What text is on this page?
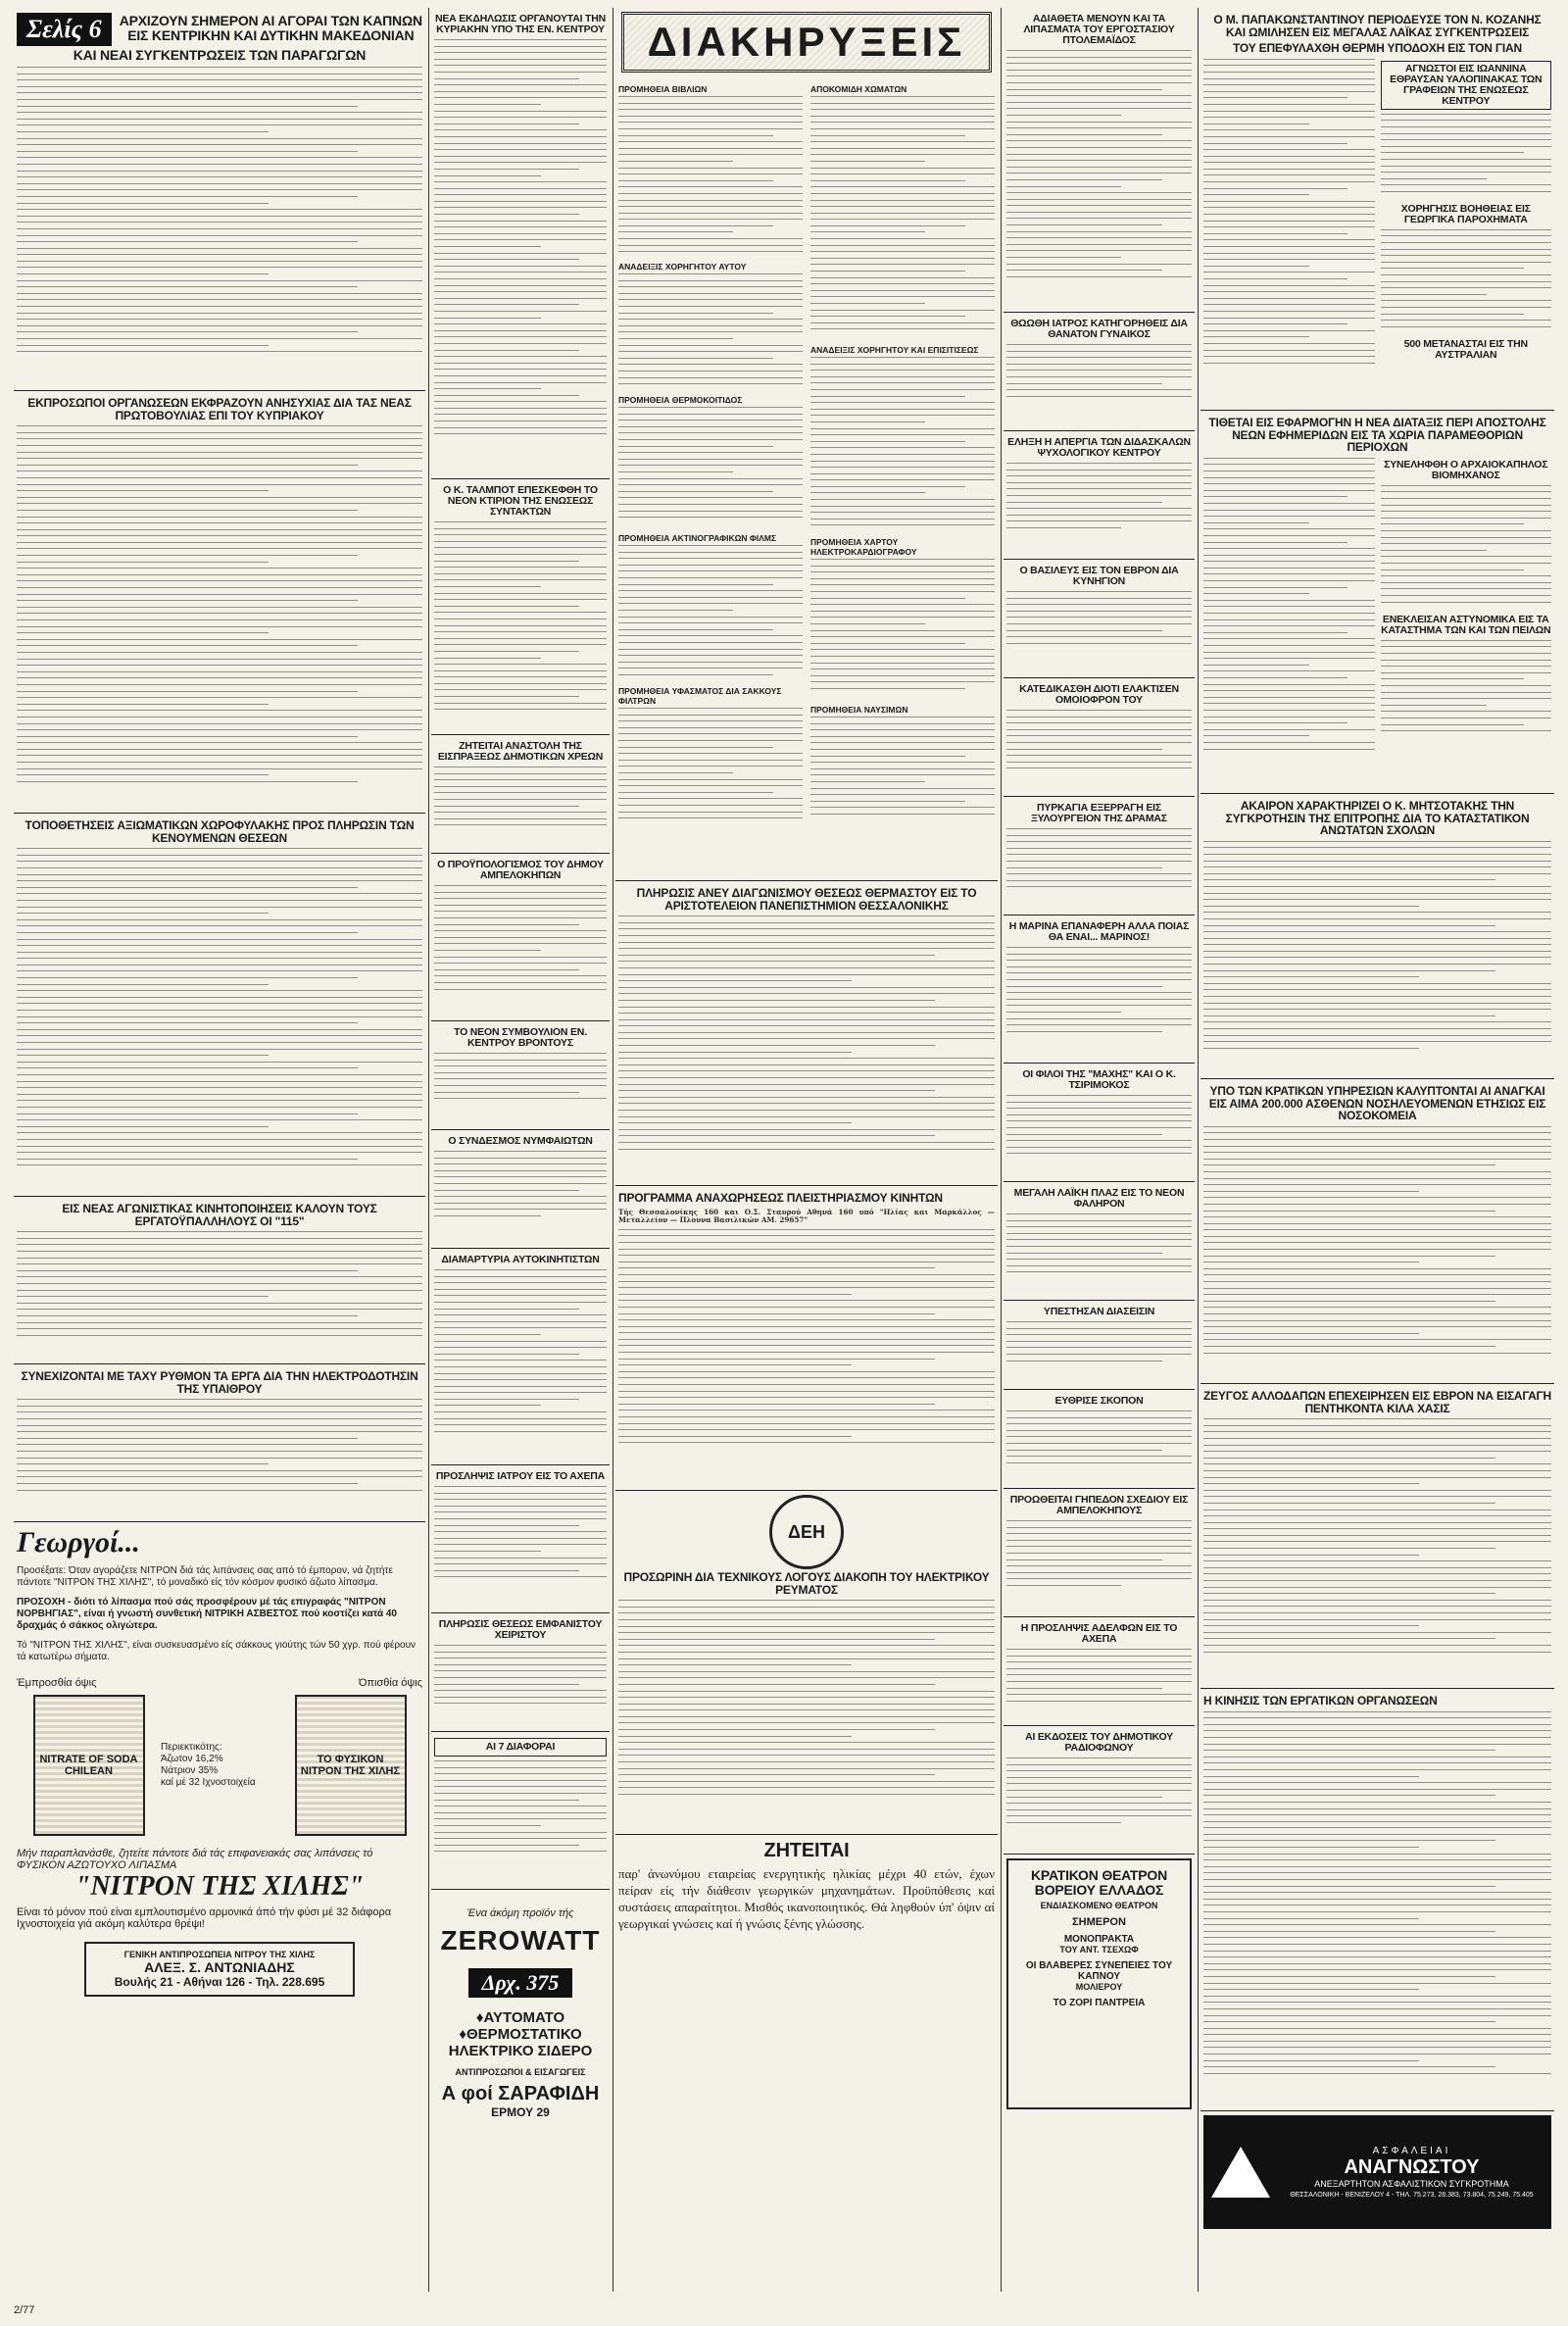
Σελίς 6	ΑΡΧΙΖΟΥΝ ΣΗΜΕΡΟΝ ΑΙ ΑΓΟΡΑΙ ΤΩΝ ΚΑΠΝΩΝ ΕΙΣ ΚΕΝΤΡΙΚΗΝ ΚΑΙ ΔΥΤΙΚΗΝ ΜΑΚΕΔΟΝΙΑΝ
ΚΑΙ ΝΕΑΙ ΣΥΓΚΕΝΤΡΩΣΕΙΣ ΤΩΝ ΠΑΡΑΓΩΓΩΝ
ΕΚΠΡΟΣΩΠΟΙ ΟΡΓΑΝΩΣΕΩΝ ΕΚΦΡΑΖΟΥΝ ΑΝΗΣΥΧΙΑΣ ΔΙΑ ΤΑΣ ΝΕΑΣ ΠΡΩΤΟΒΟΥΛΙΑΣ ΕΠΙ ΤΟΥ ΚΥΠΡΙΑΚΟΥ
ΤΟΠΟΘΕΤΗΣΕΙΣ ΑΞΙΩΜΑΤΙΚΩΝ ΧΩΡΟΦΥΛΑΚΗΣ ΠΡΟΣ ΠΛΗΡΩΣΙΝ ΤΩΝ ΚΕΝΟΥΜΕΝΩΝ ΘΕΣΕΩΝ
ΕΙΣ ΝΕΑΣ ΑΓΩΝΙΣΤΙΚΑΣ ΚΙΝΗΤΟΠΟΙΗΣΕΙΣ ΚΑΛΟΥΝ ΤΟΥΣ ΕΡΓΑΤΟΫΠΑΛΛΗΛΟΥΣ ΟΙ "115"
ΣΥΝΕΧΙΖΟΝΤΑΙ ΜΕ ΤΑΧΥ ΡΥΘΜΟΝ ΤΑ ΕΡΓΑ ΔΙΑ ΤΗΝ ΗΛΕΚΤΡΟΔΟΤΗΣΙΝ ΤΗΣ ΥΠΑΙΘΡΟΥ
Γεωργοί...
Προσέξατε: Όταν αγοράζετε ΝΙΤΡΟΝ διά τάς λιπάνσεις σας από τό έμπορον, νά ζητήτε πάντοτε "ΝΙΤΡΟΝ ΤΗΣ ΧΙΛΗΣ", τό μοναδικό είς τόν κόσμον φυσικό άζωτο λίπασμα.
ΠΡΟΣΟΧΗ - διότι τό λίπασμα πού σάς προσφέρουν μέ τάς επιγραφάς "ΝΙΤΡΟΝ ΝΟΡΒΗΓΙΑΣ", είναι ή γνωστή συνθετική ΝΙΤΡΙΚΗ ΑΣΒΕΣΤΟΣ πού κοστίζει κατά 40 δραχμάς ό σάκκος ολιγώτερα.
Τό "ΝΙΤΡΟΝ ΤΗΣ ΧΙΛΗΣ", είναι συσκευασμένο είς σάκκους γιούτης τών 50 χγρ. πού φέρουν τά κατωτέρω σήματα.
Έμπροσθία όψις	Όπισθία όψις
NITRATE OF SODA CHILEAN
Περιεκτικότης:
Άζωτον 16,2%
Νάτριον 35%
καί μέ 32 Ιχνοστοιχεία
ΤΟ ΦΥΣΙΚΟΝ ΝΙΤΡΟΝ ΤΗΣ ΧΙΛΗΣ
Μήν παραπλανάσθε, ζητείτε πάντοτε διά τάς επιφανειακάς σας λιπάνσεις τό ΦΥΣΙΚΟΝ ΑΖΩΤΟΥΧΟ ΛΙΠΑΣΜΑ
"ΝΙΤΡΟΝ ΤΗΣ ΧΙΛΗΣ"
Είναι τό μόνον πού είναι εμπλουτισμένο αρμονικά άπό τήν φύσι μέ 32 διάφορα Ιχνοστοιχεία γιά ακόμη καλύτερα θρέψι!
ΓΕΝΙΚΗ ΑΝΤΙΠΡΟΣΩΠΕΙΑ ΝΙΤΡΟΥ ΤΗΣ ΧΙΛΗΣ
ΑΛΕΞ. Σ. ΑΝΤΩΝΙΑΔΗΣ
Βουλής 21 - Αθήναι 126 - Τηλ. 228.695
ΝΕΑ ΕΚΔΗΛΩΣΙΣ ΟΡΓΑΝΟΥΤΑΙ ΤΗΝ ΚΥΡΙΑΚΗΝ ΥΠΟ ΤΗΣ ΕΝ. ΚΕΝΤΡΟΥ
Ο Κ. ΤΑΛΜΠΟΤ ΕΠΕΣΚΕΦΘΗ ΤΟ ΝΕΟΝ ΚΤΙΡΙΟΝ ΤΗΣ ΕΝΩΣΕΩΣ ΣΥΝΤΑΚΤΩΝ
ΖΗΤΕΙΤΑΙ ΑΝΑΣΤΟΛΗ ΤΗΣ ΕΙΣΠΡΑΞΕΩΣ ΔΗΜΟΤΙΚΩΝ ΧΡΕΩΝ
Ο ΠΡΟΫΠΟΛΟΓΙΣΜΟΣ ΤΟΥ ΔΗΜΟΥ ΑΜΠΕΛΟΚΗΠΩΝ
ΤΟ ΝΕΟΝ ΣΥΜΒΟΥΛΙΟΝ ΕΝ. ΚΕΝΤΡΟΥ ΒΡΟΝΤΟΥΣ
Ο ΣΥΝΔΕΣΜΟΣ ΝΥΜΦΑΙΩΤΩΝ
ΔΙΑΜΑΡΤΥΡΙΑ ΑΥΤΟΚΙΝΗΤΙΣΤΩΝ
ΠΡΟΣΛΗΨΙΣ ΙΑΤΡΟΥ ΕΙΣ ΤΟ ΑΧΕΠΑ
ΠΛΗΡΩΣΙΣ ΘΕΣΕΩΣ ΕΜΦΑΝΙΣΤΟΥ ΧΕΙΡΙΣΤΟΥ
ΑΙ 7 ΔΙΑΦΟΡΑΙ
Ένα άκόμη προϊόν τής
ZEROWATT
Δρχ. 375
♦ΑΥΤΟΜΑΤΟ
♦ΘΕΡΜΟΣΤΑΤΙΚΟ
ΗΛΕΚΤΡΙΚΟ ΣΙΔΕΡΟ
ΑΝΤΙΠΡΟΣΩΠΟΙ & ΕΙΣΑΓΩΓΕΙΣ
Α φοί ΣΑΡΑΦΙΔΗ
ΕΡΜΟΥ 29
ΔΙΑΚΗΡΥΞΕΙΣ
ΠΡΟΜΗΘΕΙΑ ΒΙΒΛΙΩΝ
ΑΝΑΔΕΙΞΙΣ ΧΟΡΗΓΗΤΟΥ ΑΥΤΟΥ
ΠΡΟΜΗΘΕΙΑ ΘΕΡΜΟΚΟΙΤΙΔΟΣ
ΠΡΟΜΗΘΕΙΑ ΑΚΤΙΝΟΓΡΑΦΙΚΩΝ ΦΙΛΜΣ
ΠΡΟΜΗΘΕΙΑ ΥΦΑΣΜΑΤΟΣ ΔΙΑ ΣΑΚΚΟΥΣ ΦΙΛΤΡΩΝ
ΑΠΟΚΟΜΙΔΗ ΧΩΜΑΤΩΝ
ΑΝΑΔΕΙΞΙΣ ΧΟΡΗΓΗΤΟΥ ΚΑΙ ΕΠΙΣΙΤΙΣΕΩΣ
ΠΡΟΜΗΘΕΙΑ ΧΑΡΤΟΥ ΗΛΕΚΤΡΟΚΑΡΔΙΟΓΡΑΦΟΥ
ΠΡΟΜΗΘΕΙΑ ΝΑΥΣΙΜΩΝ
ΠΛΗΡΩΣΙΣ ΑΝΕΥ ΔΙΑΓΩΝΙΣΜΟΥ ΘΕΣΕΩΣ ΘΕΡΜΑΣΤΟΥ ΕΙΣ ΤΟ ΑΡΙΣΤΟΤΕΛΕΙΟΝ ΠΑΝΕΠΙΣΤΗΜΙΟΝ ΘΕΣΣΑΛΟΝΙΚΗΣ
ΠΡΟΓΡΑΜΜΑ ΑΝΑΧΩΡΗΣΕΩΣ ΠΛΕΙΣΤΗΡΙΑΣΜΟΥ ΚΙΝΗΤΩΝ
Τής Θεσσαλονίκης 160 και Ο.Σ. Σταυρού Αθηνά 160 υπό "Ηλίας και Μαρκάλλος — Μεταλλείον — Πλουνα Βασιλικών ΑΜ. 29657"
ΔΕΗ
ΠΡΟΣΩΡΙΝΗ ΔΙΑ ΤΕΧΝΙΚΟΥΣ ΛΟΓΟΥΣ ΔΙΑΚΟΠΗ ΤΟΥ ΗΛΕΚΤΡΙΚΟΥ ΡΕΥΜΑΤΟΣ
ΖΗΤΕΙΤΑΙ
παρ' άνωνύμου εταιρείας ενεργητικής ηλικίας μέχρι 40 ετών, έχων πείραν είς τήν διάθεσιν γεωργικών μηχανημάτων. Προϋπόθεσις καί συστάσεις απαραίτητοι. Μισθός ικανοποιητικός. Θά ληφθούν ύπ' όψιν αί γεωργικαί γνώσεις καί ή γνώσις ξένης γλώσσης.
ΑΔΙΑΘΕΤΑ ΜΕΝΟΥΝ ΚΑΙ ΤΑ ΛΙΠΑΣΜΑΤΑ ΤΟΥ ΕΡΓΟΣΤΑΣΙΟΥ ΠΤΟΛΕΜΑΪΔΟΣ
ΘΩΩΘΗ ΙΑΤΡΟΣ ΚΑΤΗΓΟΡΗΘΕΙΣ ΔΙΑ ΘΑΝΑΤΟΝ ΓΥΝΑΙΚΟΣ
ΕΛΗΞΗ Η ΑΠΕΡΓΙΑ ΤΩΝ ΔΙΔΑΣΚΑΛΩΝ ΨΥΧΟΛΟΓΙΚΟΥ ΚΕΝΤΡΟΥ
Ο ΒΑΣΙΛΕΥΣ ΕΙΣ ΤΟΝ ΕΒΡΟΝ ΔΙΑ ΚΥΝΗΓΙΟΝ
ΚΑΤΕΔΙΚΑΣΘΗ ΔΙΟΤΙ ΕΛΑΚΤΙΣΕΝ ΟΜΟΙΟΦΡΟΝ ΤΟΥ
ΠΥΡΚΑΓΙΑ ΕΞΕΡΡΑΓΗ ΕΙΣ ΞΥΛΟΥΡΓΕΙΟΝ ΤΗΣ ΔΡΑΜΑΣ
Η ΜΑΡΙΝΑ ΕΠΑΝΑΦΕΡΗ ΑΛΛΑ ΠΟΙΑΣ ΘΑ ΕΝΑΙ... ΜΑΡΙΝΟΣ!
ΟΙ ΦΙΛΟΙ ΤΗΣ "ΜΑΧΗΣ" ΚΑΙ Ο Κ. ΤΣΙΡΙΜΟΚΟΣ
ΜΕΓΑΛΗ ΛΑΪΚΗ ΠΛΑΖ ΕΙΣ ΤΟ ΝΕΟΝ ΦΑΛΗΡΟΝ
ΥΠΕΣΤΗΣΑΝ ΔΙΑΣΕΙΣΙΝ
ΕΥΘΡΙΣΕ ΣΚΟΠΟΝ
ΠΡΟΩΘΕΙΤΑΙ ΓΗΠΕΔΟΝ ΣΧΕΔΙΟΥ ΕΙΣ ΑΜΠΕΛΟΚΗΠΟΥΣ
Η ΠΡΟΣΛΗΨΙΣ ΑΔΕΛΦΩΝ ΕΙΣ ΤΟ ΑΧΕΠΑ
ΑΙ ΕΚΔΟΣΕΙΣ ΤΟΥ ΔΗΜΟΤΙΚΟΥ ΡΑΔΙΟΦΩΝΟΥ
ΚΡΑΤΙΚΟΝ ΘΕΑΤΡΟΝ ΒΟΡΕΙΟΥ ΕΛΛΑΔΟΣ
ΕΝΔΙΑΣΚΟΜΕΝΟ ΘΕΑΤΡΟΝ
ΣΗΜΕΡΟΝ
ΜΟΝΟΠΡΑΚΤΑ
ΤΟΥ ΑΝΤ. ΤΣΕΧΩΦ
ΟΙ ΒΛΑΒΕΡΕΣ ΣΥΝΕΠΕΙΕΣ ΤΟΥ ΚΑΠΝΟΥ
ΜΟΛΙΕΡΟΥ
ΤΟ ΖΟΡΙ ΠΑΝΤΡΕΙΑ
Ο Μ. ΠΑΠΑΚΩΝΣΤΑΝΤΙΝΟΥ ΠΕΡΙΟΔΕΥΣΕ ΤΟΝ Ν. ΚΟΖΑΝΗΣ ΚΑΙ ΩΜΙΛΗΣΕΝ ΕΙΣ ΜΕΓΑΛΑΣ ΛΑΪΚΑΣ ΣΥΓΚΕΝΤΡΩΣΕΙΣ
ΤΟΥ ΕΠΕΦΥΛΑΧΘΗ ΘΕΡΜΗ ΥΠΟΔΟΧΗ ΕΙΣ ΤΟΝ ΓΙΑΝ
ΑΓΝΩΣΤΟΙ ΕΙΣ ΙΩΑΝΝΙΝΑ ΕΘΡΑΥΣΑΝ ΥΑΛΟΠΙΝΑΚΑΣ ΤΩΝ ΓΡΑΦΕΙΩΝ ΤΗΣ ΕΝΩΣΕΩΣ ΚΕΝΤΡΟΥ
ΧΟΡΗΓΗΣΙΣ ΒΟΗΘΕΙΑΣ ΕΙΣ ΓΕΩΡΓΙΚΑ ΠΑΡΟΧΗΜΑΤΑ
500 ΜΕΤΑΝΑΣΤΑΙ ΕΙΣ ΤΗΝ ΑΥΣΤΡΑΛΙΑΝ
ΤΙΘΕΤΑΙ ΕΙΣ ΕΦΑΡΜΟΓΗΝ Η ΝΕΑ ΔΙΑΤΑΞΙΣ ΠΕΡΙ ΑΠΟΣΤΟΛΗΣ ΝΕΩΝ ΕΦΗΜΕΡΙΔΩΝ ΕΙΣ ΤΑ ΧΩΡΙΑ ΠΑΡΑΜΕΘΟΡΙΩΝ ΠΕΡΙΟΧΩΝ
ΣΥΝΕΛΗΦΘΗ Ο ΑΡΧΑΙΟΚΑΠΗΛΟΣ ΒΙΟΜΗΧΑΝΟΣ
ΕΝΕΚΛΕΙΣΑΝ ΑΣΤΥΝΟΜΙΚΑ ΕΙΣ ΤΑ ΚΑΤΑΣΤΗΜΑ ΤΩΝ ΚΑΙ ΤΩΝ ΠΕΙΛΩΝ
ΑΚΑΙΡΟΝ ΧΑΡΑΚΤΗΡΙΖΕΙ Ο Κ. ΜΗΤΣΟΤΑΚΗΣ ΤΗΝ ΣΥΓΚΡΟΤΗΣΙΝ ΤΗΣ ΕΠΙΤΡΟΠΗΣ ΔΙΑ ΤΟ ΚΑΤΑΣΤΑΤΙΚΟΝ ΑΝΩΤΑΤΩΝ ΣΧΟΛΩΝ
ΥΠΟ ΤΩΝ ΚΡΑΤΙΚΩΝ ΥΠΗΡΕΣΙΩΝ ΚΑΛΥΠΤΟΝΤΑΙ ΑΙ ΑΝΑΓΚΑΙ ΕΙΣ ΑΙΜΑ 200.000 ΑΣΘΕΝΩΝ ΝΟΣΗΛΕΥΟΜΕΝΩΝ ΕΤΗΣΙΩΣ ΕΙΣ ΝΟΣΟΚΟΜΕΙΑ
ΖΕΥΓΟΣ ΑΛΛΟΔΑΠΩΝ ΕΠΕΧΕΙΡΗΣΕΝ ΕΙΣ ΕΒΡΟΝ ΝΑ ΕΙΣΑΓΑΓΗ ΠΕΝΤΗΚΟΝΤΑ ΚΙΛΑ ΧΑΣΙΣ
Η ΚΙΝΗΣΙΣ ΤΩΝ ΕΡΓΑΤΙΚΩΝ ΟΡΓΑΝΩΣΕΩΝ
ΑΣΦΑΛΕΙΑΙ
ΑΝΑΓΝΩΣΤΟΥ
ΑΝΕΞΑΡΤΗΤΟΝ ΑΣΦΑΛΙΣΤΙΚΟΝ ΣΥΓΚΡΟΤΗΜΑ
ΘΕΣΣΑΛΟΝΙΚΗ - ΒΕΝΙΖΕΛΟΥ 4 - ΤΗΛ. 75.273, 28.383, 73.804, 75.249, 75.405
2/77
